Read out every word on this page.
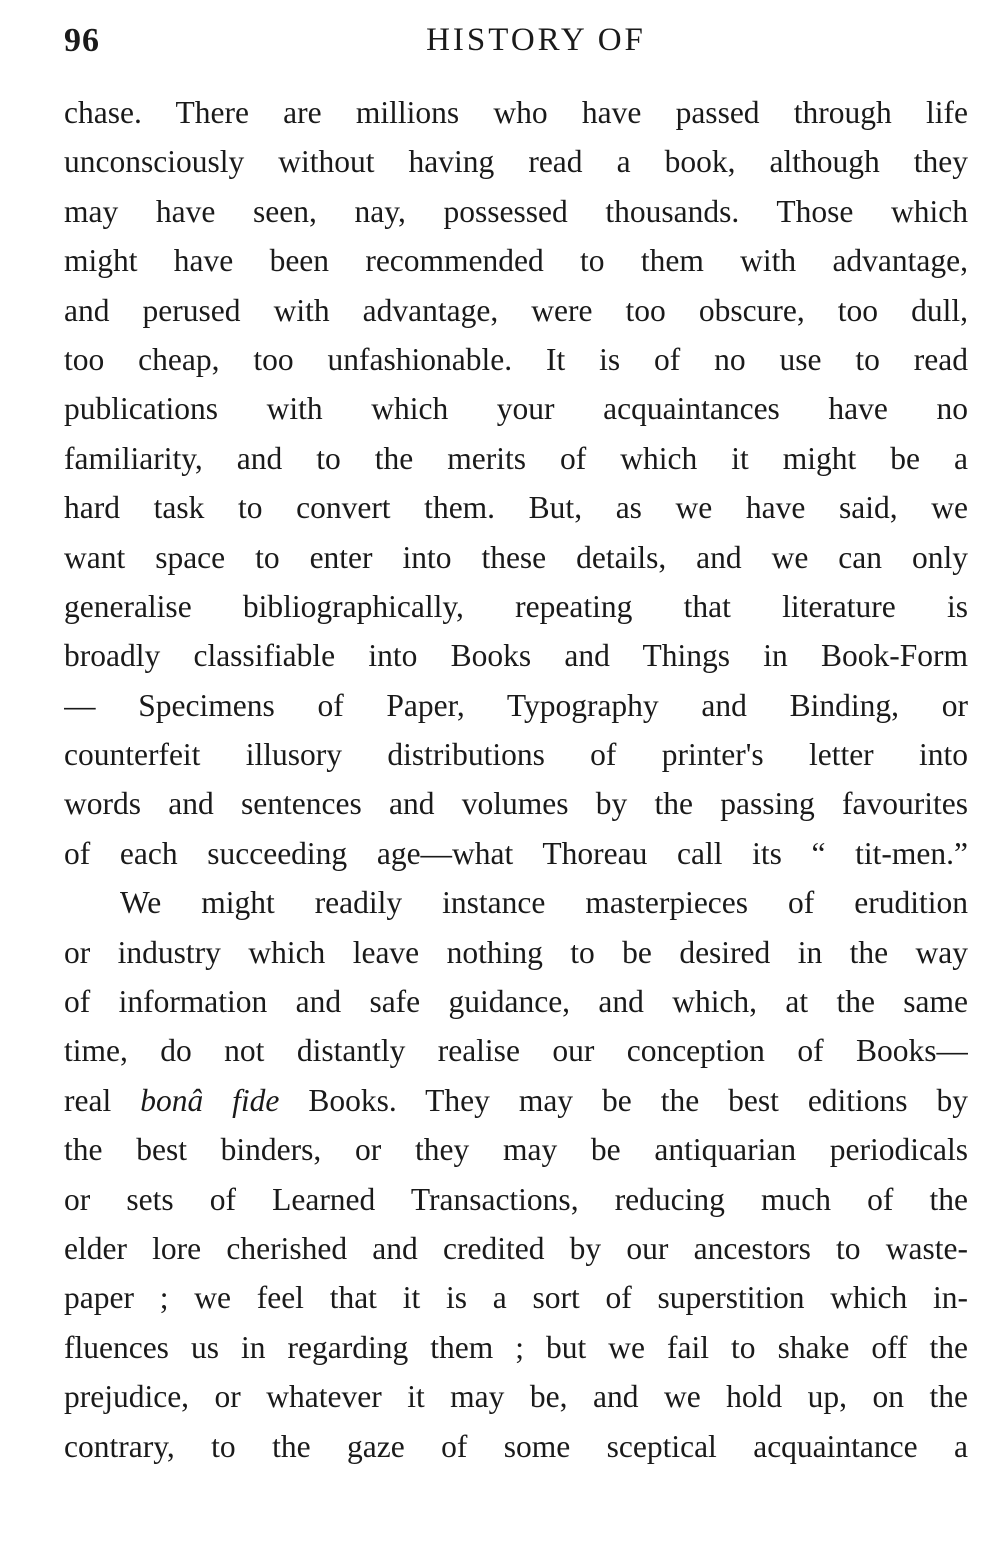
96	HISTORY OF
chase. There are millions who have passed through life
unconsciously without having read a book, although they
may have seen, nay, possessed thousands. Those which
might have been recommended to them with advantage,
and perused with advantage, were too obscure, too dull,
too cheap, too unfashionable. It is of no use to read
publications with which your acquaintances have no
familiarity, and to the merits of which it might be a
hard task to convert them. But, as we have said, we
want space to enter into these details, and we can only
generalise bibliographically, repeating that literature is
broadly classifiable into Books and Things in Book-Form
— Specimens of Paper, Typography and Binding, or
counterfeit illusory distributions of printer's letter into
words and sentences and volumes by the passing favourites
of each succeeding age—what Thoreau call its “ tit-men.”
We might readily instance masterpieces of erudition
or industry which leave nothing to be desired in the way
of information and safe guidance, and which, at the same
time, do not distantly realise our conception of Books—
real bonâ fide Books. They may be the best editions by
the best binders, or they may be antiquarian periodicals
or sets of Learned Transactions, reducing much of the
elder lore cherished and credited by our ancestors to waste-
paper ; we feel that it is a sort of superstition which in-
fluences us in regarding them ; but we fail to shake off the
prejudice, or whatever it may be, and we hold up, on the
contrary, to the gaze of some sceptical acquaintance a
